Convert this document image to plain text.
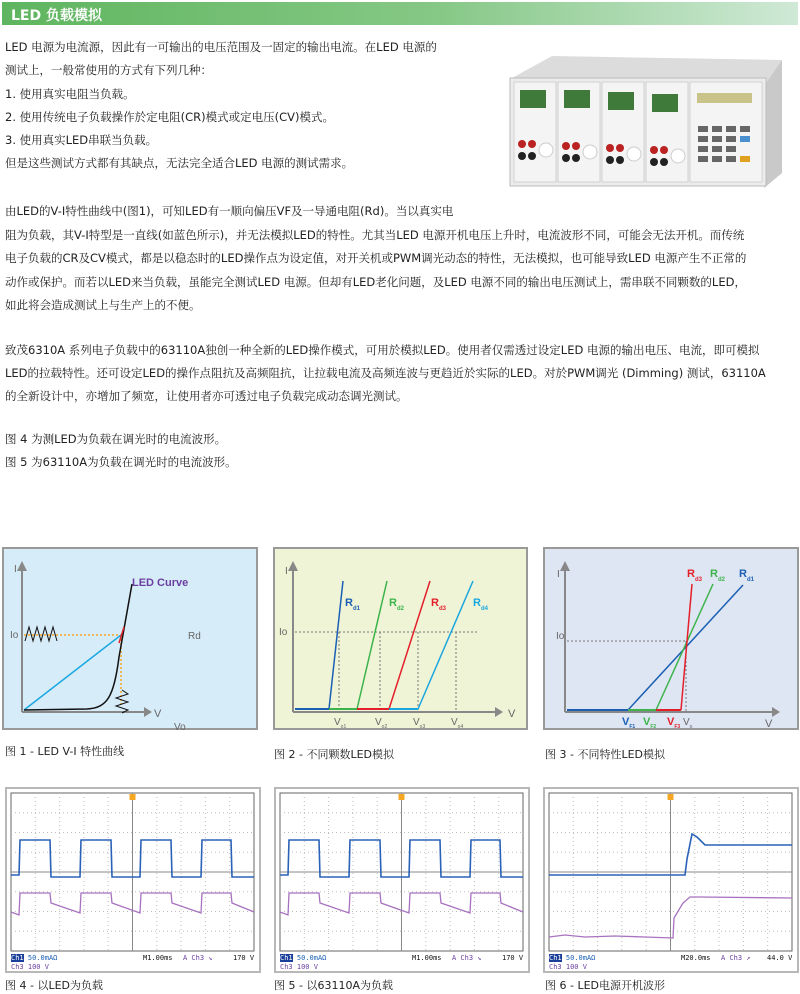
LED 负载模拟
LED 电源为电流源，因此有一可输出的电压范围及一固定的输出电流。在LED 电源的
测试上，一般常使用的方式有下列几种：
1. 使用真实电阻当负载。
2. 使用传统电子负载操作於定电阻(CR)模式或定电压(CV)模式。
3. 使用真实LED串联当负载。
但是这些测试方式都有其缺点，无法完全适合LED 电源的测试需求。
由LED的V-I特性曲线中(图1)，可知LED有一顺向偏压VF及一导通电阻(Rd)。当以真实电
阻为负载，其V-I特型是一直线(如蓝色所示)，并无法模拟LED的特性。尤其当LED 电源开机电压上升时，电流波形不同，可能会无法开机。而传统
电子负载的CR及CV模式，都是以稳态时的LED操作点为设定值，对开关机或PWM调光动态的特性，无法模拟，也可能导致LED 电源产生不正常的
动作或保护。而若以LED来当负载，虽能完全测试LED 电源。但却有LED老化问题，及LED 电源不同的输出电压测试上，需串联不同颗数的LED，
如此将会造成测试上与生产上的不便。
致茂6310A 系列电子负载中的63110A独创一种全新的LED操作模式，可用於模拟LED。使用者仅需透过设定LED 电源的输出电压、电流，即可模拟
LED的拉载特性。还可设定LED的操作点阻抗及高频阻抗，让拉载电流及高频连波与更趋近於实际的LED。对於PWM调光 (Dimming) 测试，63110A
的全新设计中，亦增加了频宽，让使用者亦可透过电子负载完成动态调光测试。
图 4 为测LED为负载在调光时的电流波形。
图 5 为63110A为负载在调光时的电流波形。
I
V
Io	Rd
Vo
LED Curve
I
V
Io
$R_{d1}$	$R_{d2}$ $R_{d3}$ $R_{d4}$
$V_{o1}$	$V_{o2}$	$V_{o3}$	$V_{o4}$
I
V
Io
$R_{d3}$ $R_{d2}$ $R_{d1}$
$V_{F1}$ $V_{F2}$ $V_{F3}$ $V_o$
图 1 - LED V-I 特性曲线	图 2 - 不同颗数LED模拟	图 3 - 不同特性LED模拟
Ch1 50.0mAΩ	M1.00ms A Ch3 ↘	170 V
Ch3 100 V
Ch1 50.0mAΩ	M1.00ms A Ch3 ↘	170 V
Ch3 100 V
Ch1 50.0mAΩ	M20.0ms A Ch3 ↗ 44.0 V
Ch3 100 V
图 4 - 以LED为负载	图 5 - 以63110A为负载	图 6 - LED电源开机波形
